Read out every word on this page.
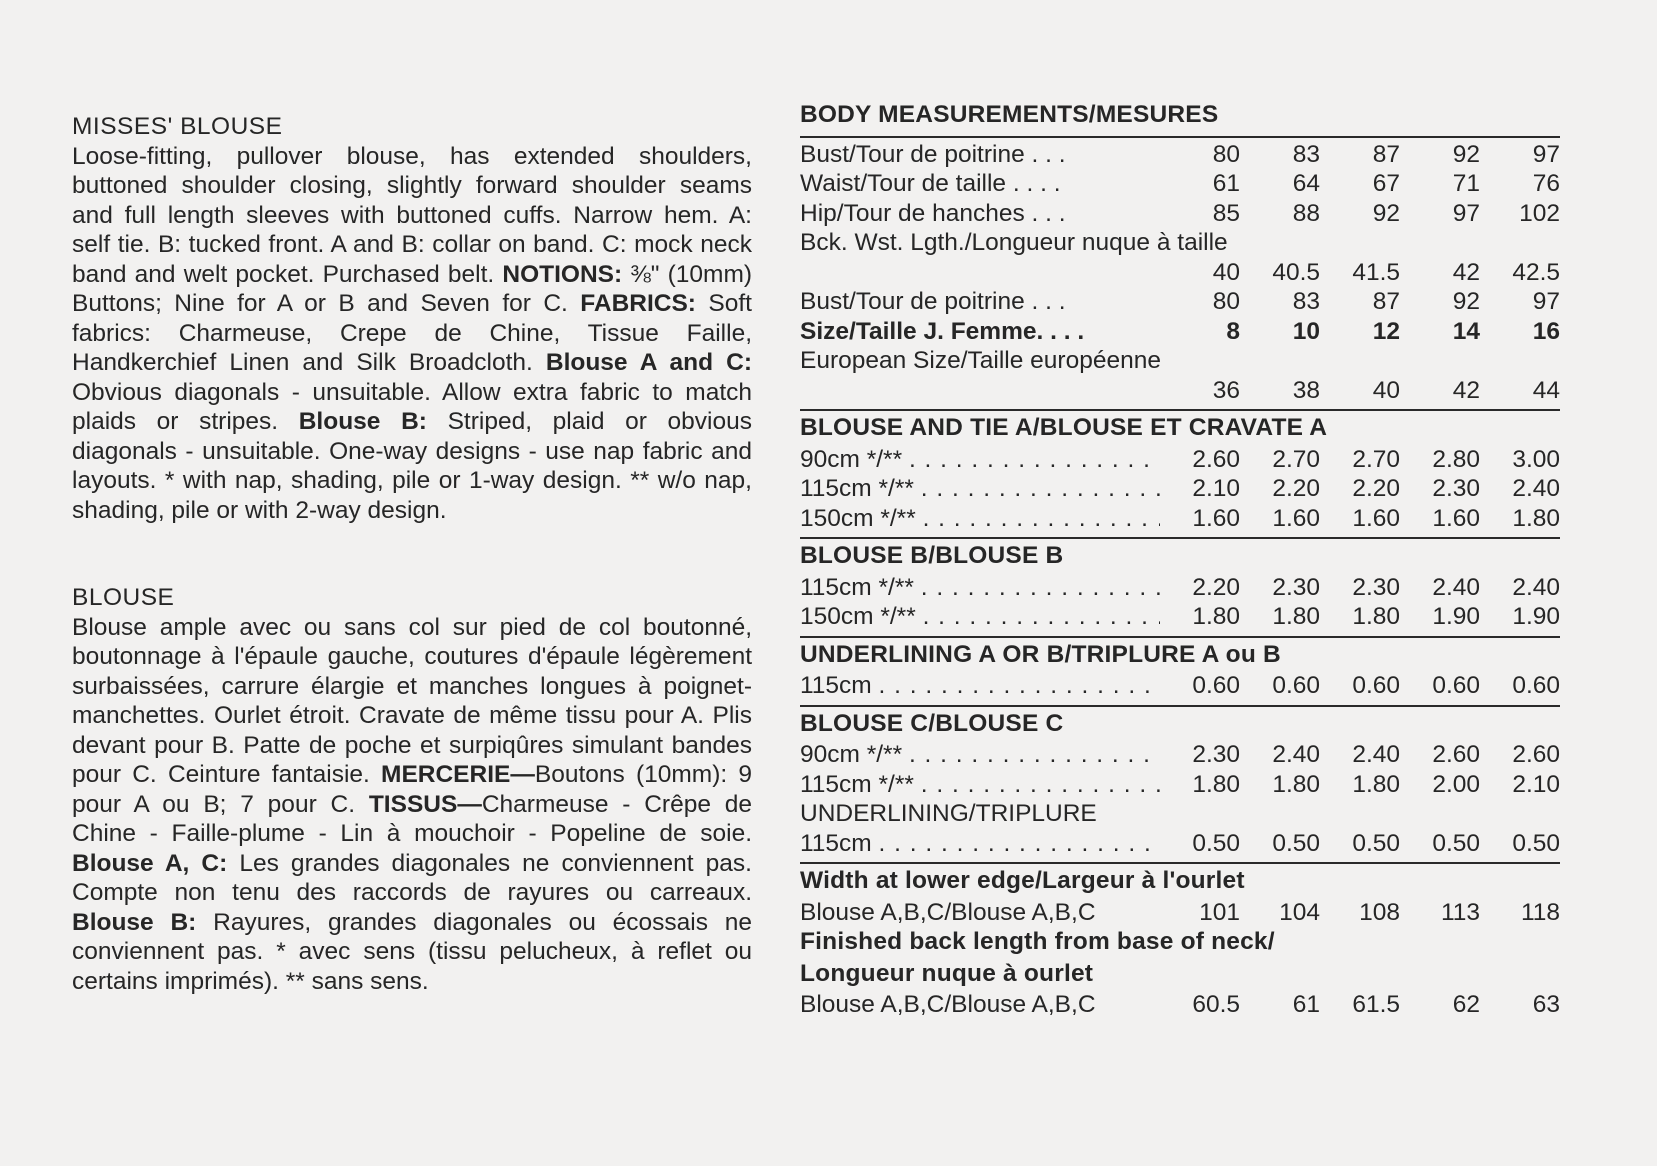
MISSES' BLOUSE

Loose-fitting, pullover blouse, has extended shoulders, buttoned shoulder closing, slightly forward shoulder seams and full length sleeves with buttoned cuffs. Narrow hem. A: self tie. B: tucked front. A and B: collar on band. C: mock neck band and welt pocket. Purchased belt. NOTIONS: ⅜" (10mm) Buttons; Nine for A or B and Seven for C. FABRICS: Soft fabrics: Charmeuse, Crepe de Chine, Tissue Faille, Handkerchief Linen and Silk Broadcloth. Blouse A and C: Obvious diagonals - unsuitable. Allow extra fabric to match plaids or stripes. Blouse B: Striped, plaid or obvious diagonals - unsuitable. One-way designs - use nap fabric and layouts. * with nap, shading, pile or 1-way design. ** w/o nap, shading, pile or with 2-way design.

BLOUSE

Blouse ample avec ou sans col sur pied de col boutonné, boutonnage à l'épaule gauche, coutures d'épaule légèrement surbaissées, carrure élargie et manches longues à poignet-manchettes. Ourlet étroit. Cravate de même tissu pour A. Plis devant pour B. Patte de poche et surpiqûres simulant bandes pour C. Ceinture fantaisie. MERCERIE—Boutons (10mm): 9 pour A ou B; 7 pour C. TISSUS—Charmeuse - Crêpe de Chine - Faille-plume - Lin à mouchoir - Popeline de soie. Blouse A, C: Les grandes diagonales ne conviennent pas. Compte non tenu des raccords de rayures ou carreaux. Blouse B: Rayures, grandes diagonales ou écossais ne conviennent pas. * avec sens (tissu pelucheux, à reflet ou certains imprimés). ** sans sens.

BODY MEASUREMENTS/MESURES
Bust/Tour de poitrine . . .	80	83	87	92	97
Waist/Tour de taille . . . .	61	64	67	71	76
Hip/Tour de hanches . . .	85	88	92	97	102
Bck. Wst. Lgth./Longueur nuque à taille
40	40.5	41.5	42	42.5
Bust/Tour de poitrine . . .	80	83	87	92	97
Size/Taille J. Femme. . . .	8	10	12	14	16
European Size/Taille européenne
36	38	40	42	44
BLOUSE AND TIE A/BLOUSE ET CRAVATE A
90cm */** . . .	2.60	2.70	2.70	2.80	3.00
115cm */** . . .	2.10	2.20	2.20	2.30	2.40
150cm */** . . .	1.60	1.60	1.60	1.60	1.80
BLOUSE B/BLOUSE B
115cm */** . . .	2.20	2.30	2.30	2.40	2.40
150cm */** . . .	1.80	1.80	1.80	1.90	1.90
UNDERLINING A OR B/TRIPLURE A ou B
115cm . . .	0.60	0.60	0.60	0.60	0.60
BLOUSE C/BLOUSE C
90cm */** . . .	2.30	2.40	2.40	2.60	2.60
115cm */** . . .	1.80	1.80	1.80	2.00	2.10
UNDERLINING/TRIPLURE
115cm . . .	0.50	0.50	0.50	0.50	0.50
Width at lower edge/Largeur à l'ourlet
Blouse A,B,C/Blouse A,B,C	101	104	108	113	118
Finished back length from base of neck/
Longueur nuque à ourlet
Blouse A,B,C/Blouse A,B,C	60.5	61	61.5	62	63
